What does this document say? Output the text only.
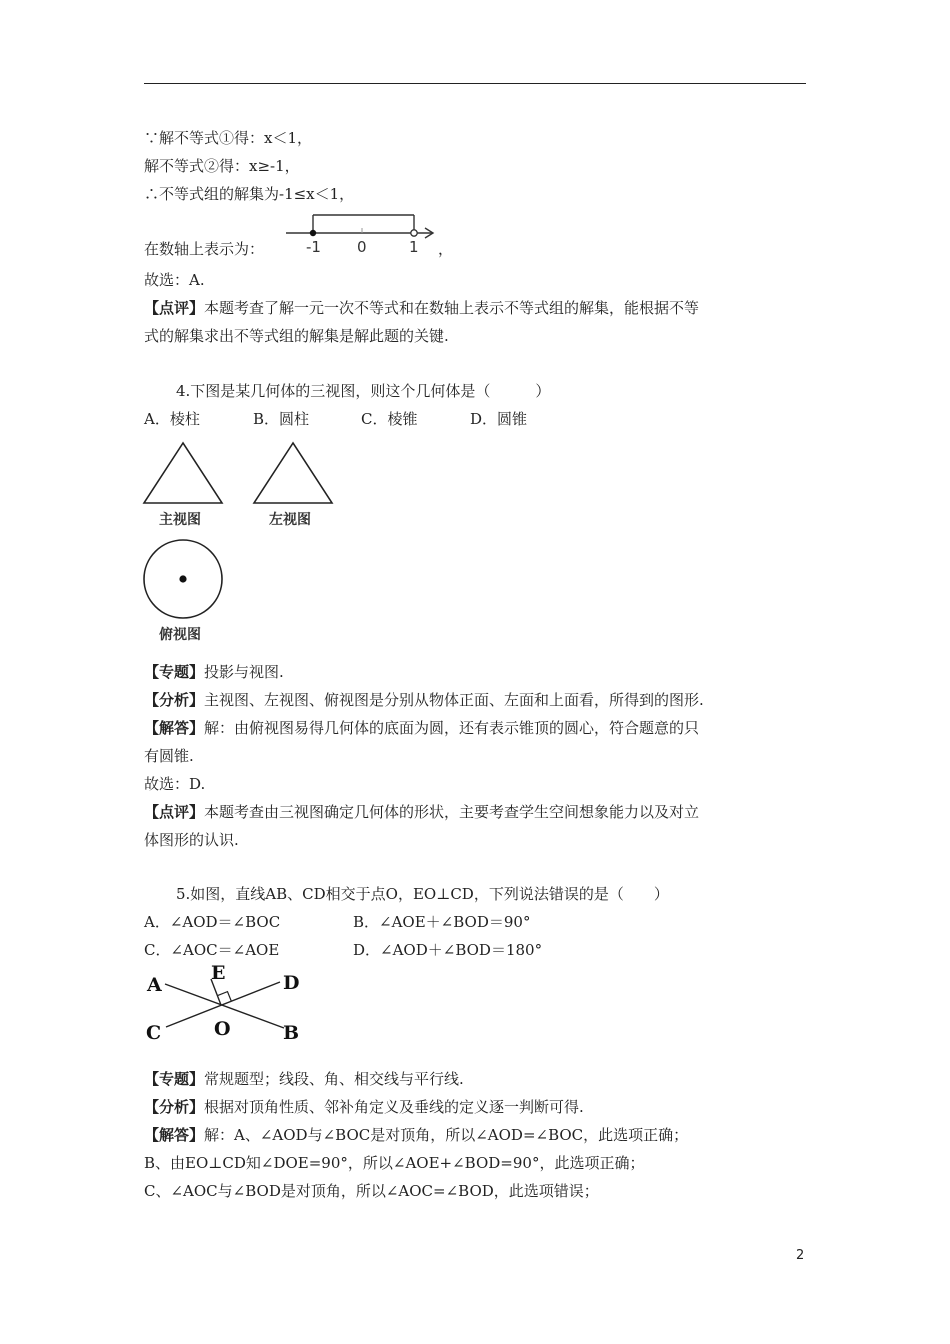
∵解不等式①得：x＜1，
解不等式②得：x≥-1，
∴不等式组的解集为-1≤x＜1，
在数轴上表示为：	-1 0	1 ，
故选：A.
【点评】本题考查了解一元一次不等式和在数轴上表示不等式组的解集，能根据不等
式的解集求出不等式组的解集是解此题的关键.
4.下图是某几何体的三视图，则这个几何体是（　　　）
A．棱柱	B．圆柱	C．棱锥	D．圆锥
主视图	左视图
俯视图
【专题】投影与视图.
【分析】主视图、左视图、俯视图是分别从物体正面、左面和上面看，所得到的图形.
【解答】解：由俯视图易得几何体的底面为圆，还有表示锥顶的圆心，符合题意的只
有圆锥.
故选：D.
【点评】本题考查由三视图确定几何体的形状，主要考查学生空间想象能力以及对立
体图形的认识.
5.如图，直线AB、CD相交于点O，EO⊥CD，下列说法错误的是（　　）
A．∠AOD＝∠BOC	B．∠AOE＋∠BOD＝90°
C．∠AOC＝∠AOE	D．∠AOD＋∠BOD＝180°
A
E	D
C	O	B
【专题】常规题型；线段、角、相交线与平行线.
【分析】根据对顶角性质、邻补角定义及垂线的定义逐一判断可得.
【解答】解：A、∠AOD与∠BOC是对顶角，所以∠AOD=∠BOC，此选项正确；
B、由EO⊥CD知∠DOE=90°，所以∠AOE+∠BOD=90°，此选项正确；
C、∠AOC与∠BOD是对顶角，所以∠AOC=∠BOD，此选项错误；
2
